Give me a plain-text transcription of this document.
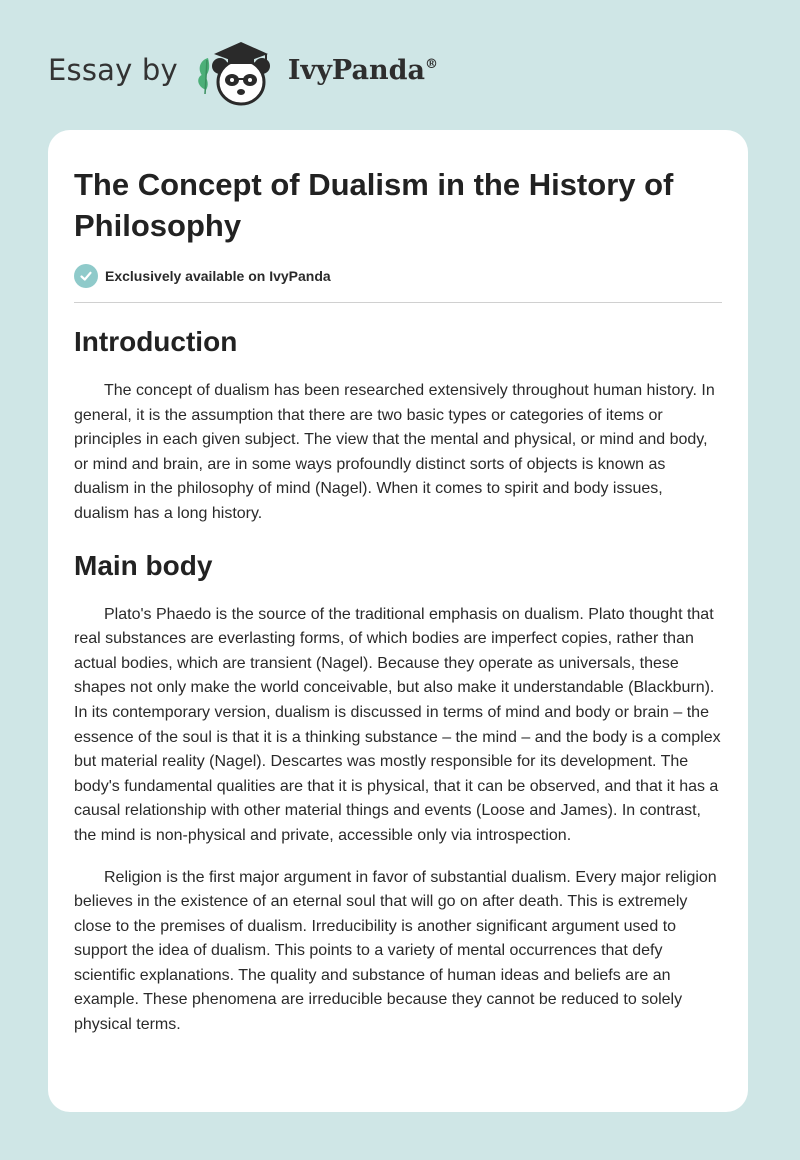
Essay by	IvyPanda®
The Concept of Dualism in the History of Philosophy
Exclusively available on IvyPanda
Introduction

The concept of dualism has been researched extensively throughout human history. In general, it is the assumption that there are two basic types or categories of items or principles in each given subject. The view that the mental and physical, or mind and body, or mind and brain, are in some ways profoundly distinct sorts of objects is known as dualism in the philosophy of mind (Nagel). When it comes to spirit and body issues, dualism has a long history.

Main body

Plato's Phaedo is the source of the traditional emphasis on dualism. Plato thought that real substances are everlasting forms, of which bodies are imperfect copies, rather than actual bodies, which are transient (Nagel). Because they operate as universals, these shapes not only make the world conceivable, but also make it understandable (Blackburn). In its contemporary version, dualism is discussed in terms of mind and body or brain – the essence of the soul is that it is a thinking substance – the mind – and the body is a complex but material reality (Nagel). Descartes was mostly responsible for its development. The body's fundamental qualities are that it is physical, that it can be observed, and that it has a causal relationship with other material things and events (Loose and James). In contrast, the mind is non-physical and private, accessible only via introspection.

Religion is the first major argument in favor of substantial dualism. Every major religion believes in the existence of an eternal soul that will go on after death. This is extremely close to the premises of dualism. Irreducibility is another significant argument used to support the idea of dualism. This points to a variety of mental occurrences that defy scientific explanations. The quality and substance of human ideas and beliefs are an example. These phenomena are irreducible because they cannot be reduced to solely physical terms.
